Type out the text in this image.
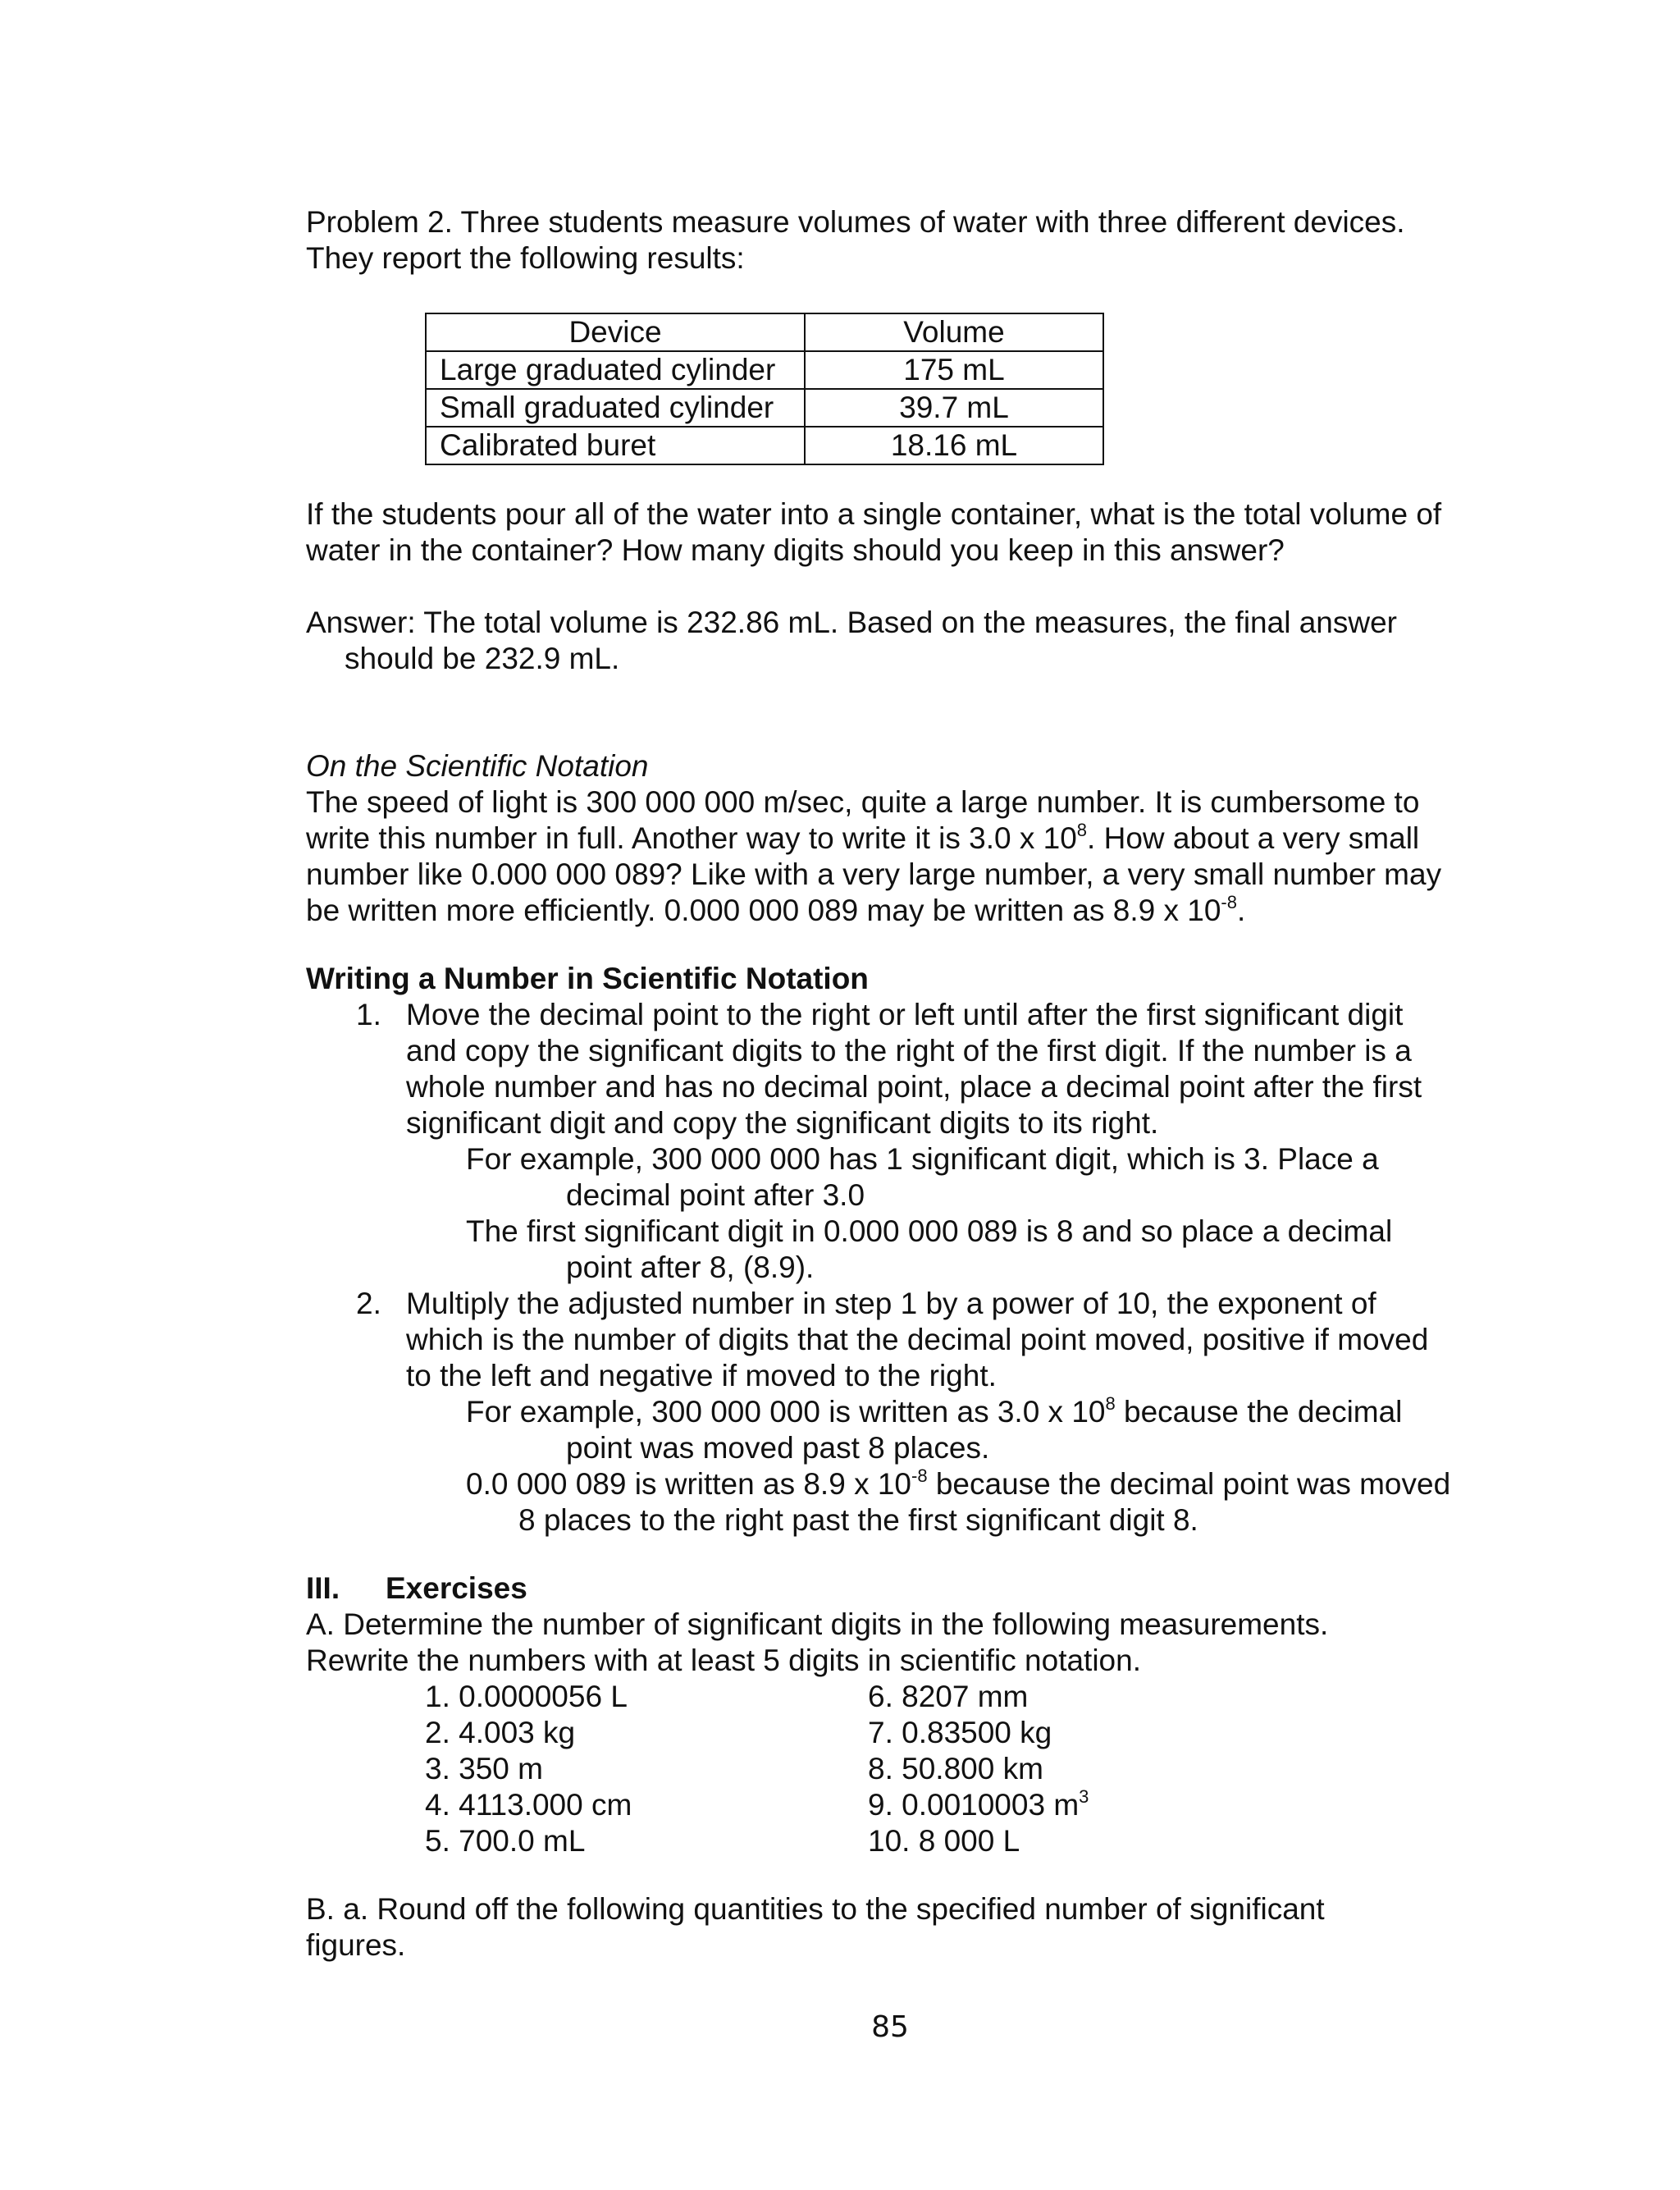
Problem 2. Three students measure volumes of water with three different devices.
They report the following results:
Device	Volume
Large graduated cylinder	175 mL
Small graduated cylinder	39.7 mL
Calibrated buret	18.16 mL
If the students pour all of the water into a single container, what is the total volume of
water in the container? How many digits should you keep in this answer?
Answer: The total volume is 232.86 mL. Based on the measures, the final answer
should be 232.9 mL.
On the Scientific Notation
The speed of light is 300 000 000 m/sec, quite a large number. It is cumbersome to
write this number in full. Another way to write it is 3.0 x $10^8$. How about a very small
number like 0.000 000 089? Like with a very large number, a very small number may
be written more efficiently. 0.000 000 089 may be written as 8.9 x $10^{-8}$.
Writing a Number in Scientific Notation
1. Move the decimal point to the right or left until after the first significant digit
and copy the significant digits to the right of the first digit. If the number is a
whole number and has no decimal point, place a decimal point after the first
significant digit and copy the significant digits to its right.
For example, 300 000 000 has 1 significant digit, which is 3. Place a
decimal point after 3.0
The first significant digit in 0.000 000 089 is 8 and so place a decimal
point after 8, (8.9).
2. Multiply the adjusted number in step 1 by a power of 10, the exponent of
which is the number of digits that the decimal point moved, positive if moved
to the left and negative if moved to the right.
For example, 300 000 000 is written as 3.0 x $10^8$ because the decimal
point was moved past 8 places.
0.0 000 089 is written as 8.9 x $10^{-8}$ because the decimal point was moved
8 places to the right past the first significant digit 8.
III. Exercises
A. Determine the number of significant digits in the following measurements.
Rewrite the numbers with at least 5 digits in scientific notation.
1. 0.0000056 L
2. 4.003 kg
3. 350 m
4. 4113.000 cm
5. 700.0 mL
6. 8207 mm
7. 0.83500 kg
8. 50.800 km
9. 0.0010003 $m^3$
10. 8 000 L
B. a. Round off the following quantities to the specified number of significant
figures.
85
